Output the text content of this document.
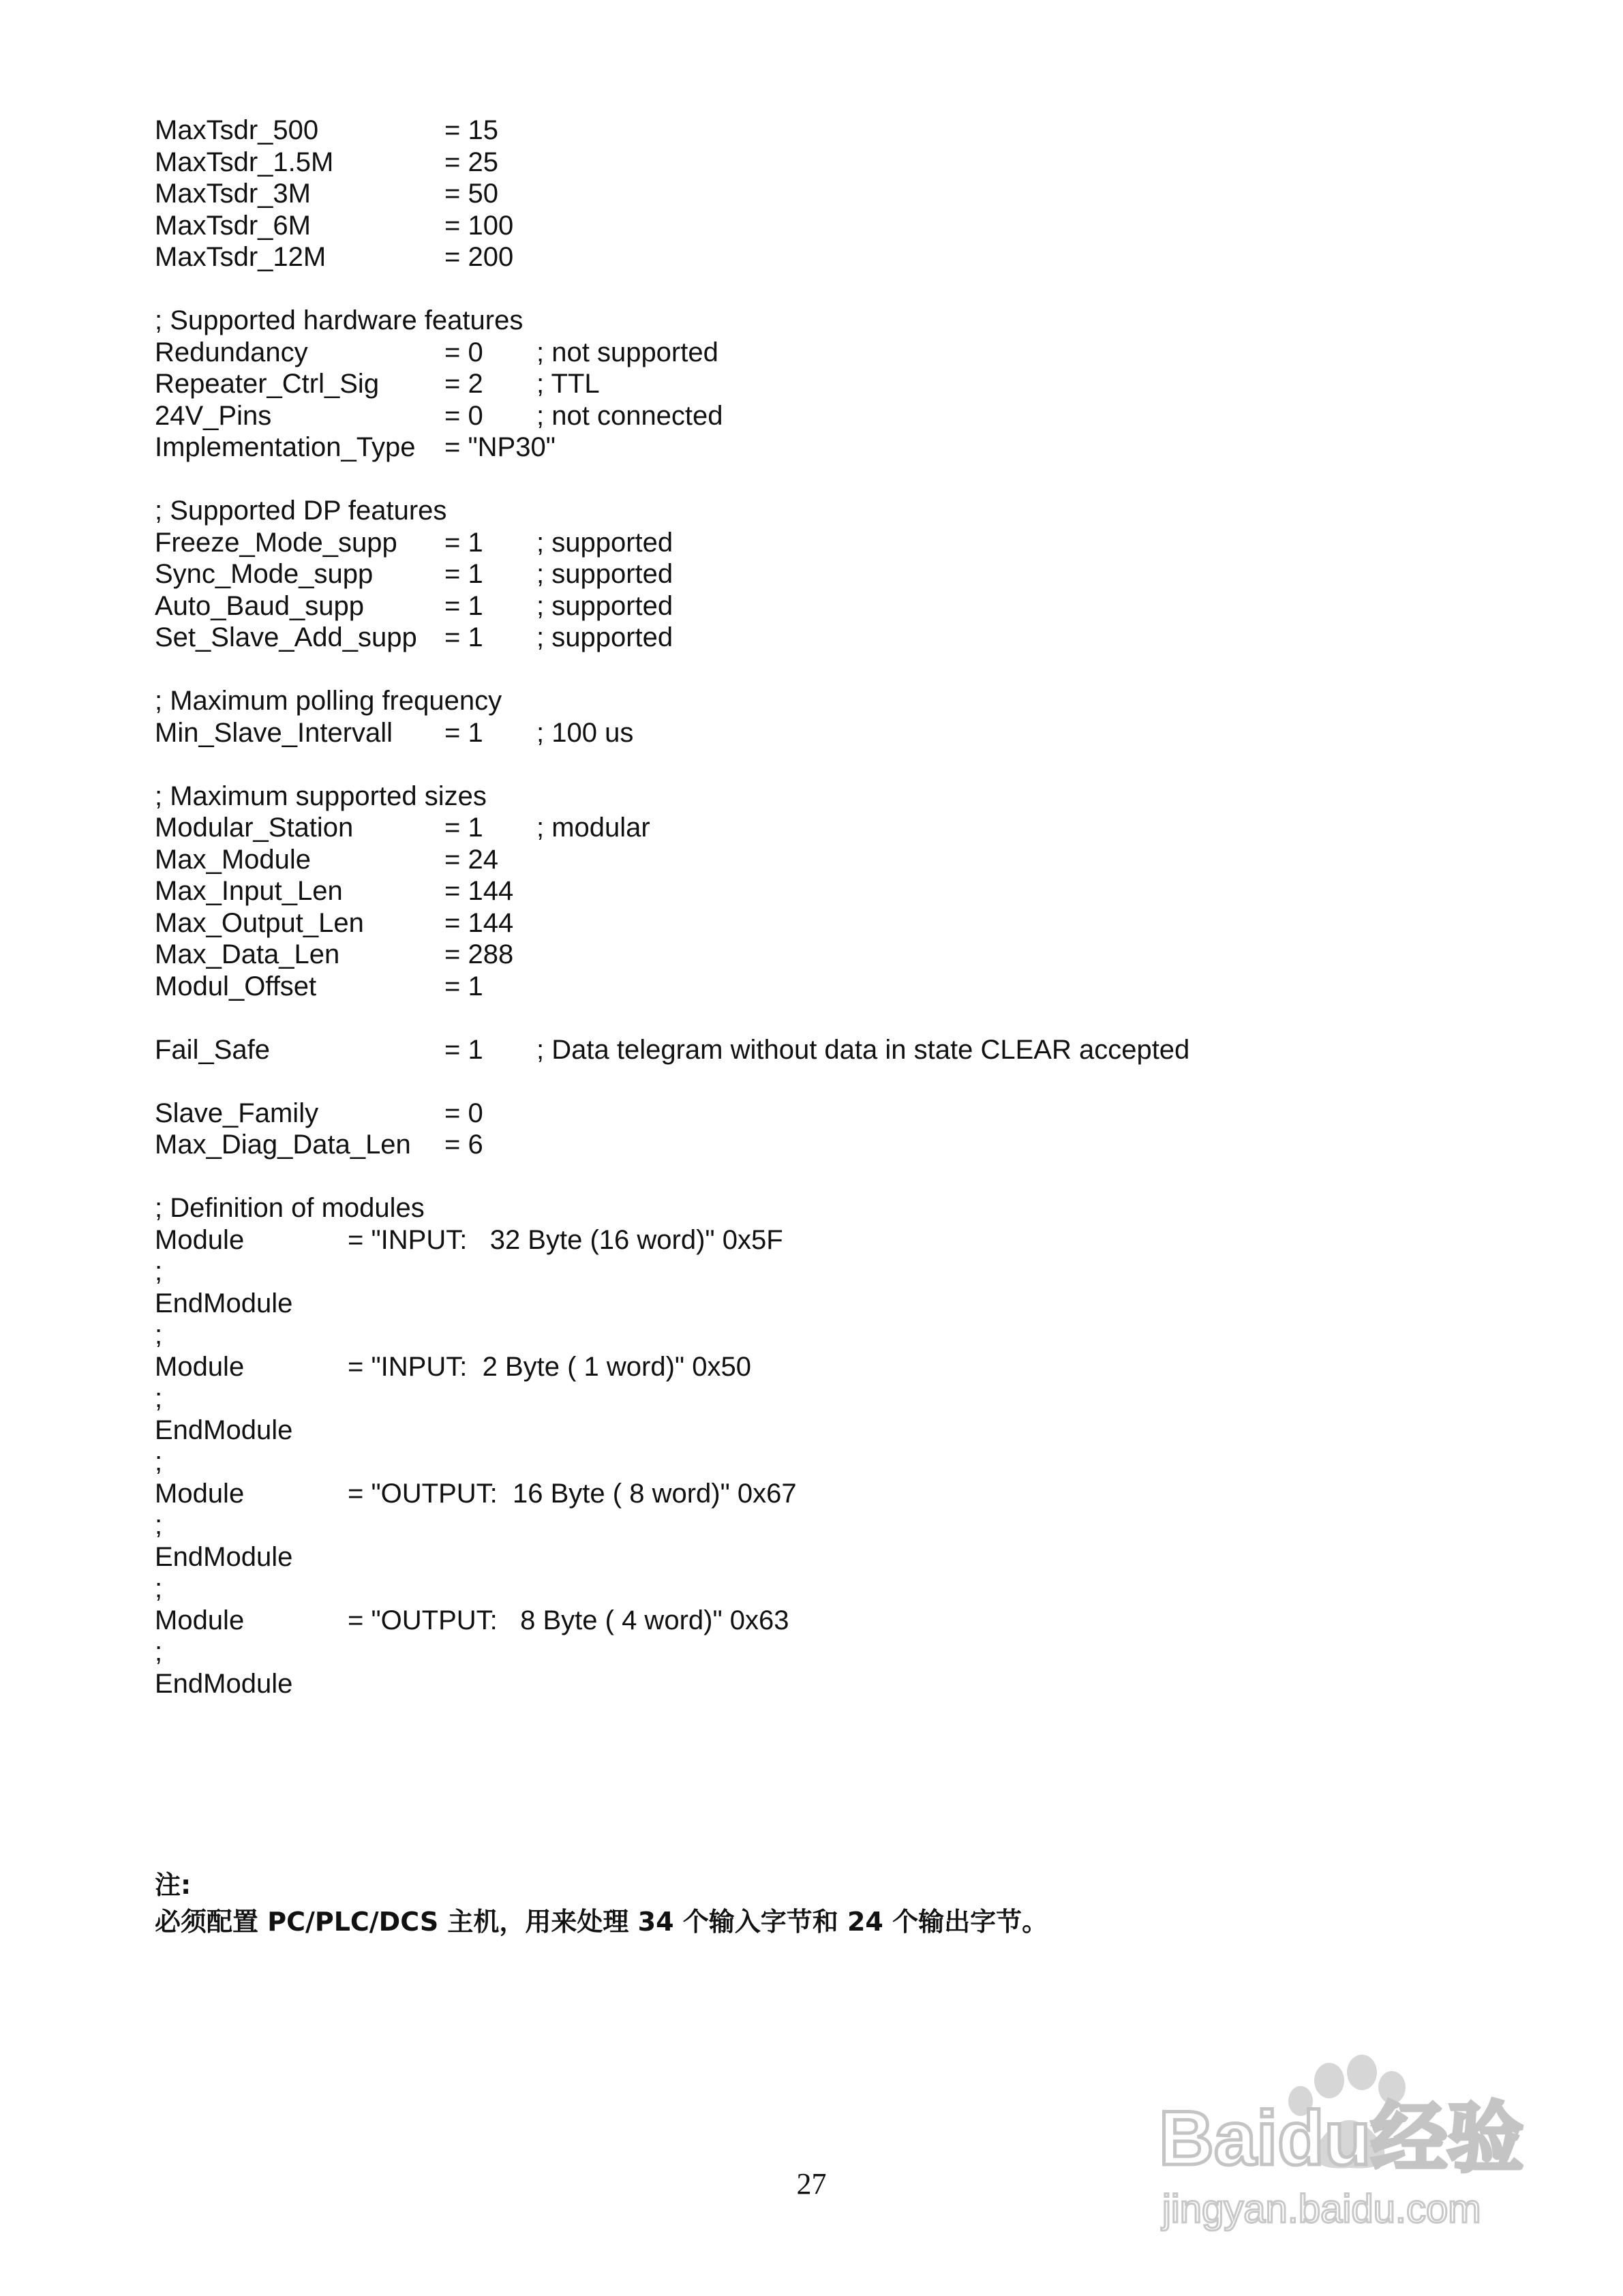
MaxTsdr_500	= 15
MaxTsdr_1.5M	= 25
MaxTsdr_3M	= 50
MaxTsdr_6M	= 100
MaxTsdr_12M	= 200
; Supported hardware features
Redundancy	= 0 ; not supported
Repeater_Ctrl_Sig = 2 ; TTL
24V_Pins	= 0 ; not connected
Implementation_Type = "NP30"
; Supported DP features
Freeze_Mode_supp = 1 ; supported
Sync_Mode_supp	= 1 ; supported
Auto_Baud_supp	= 1 ; supported
Set_Slave_Add_supp = 1 ; supported
; Maximum polling frequency
Min_Slave_Intervall = 1 ; 100 us
; Maximum supported sizes
Modular_Station	= 1 ; modular
Max_Module	= 24
Max_Input_Len	= 144
Max_Output_Len	= 144
Max_Data_Len	= 288
Modul_Offset	= 1
Fail_Safe	= 1 ; Data telegram without data in state CLEAR accepted
Slave_Family	= 0
Max_Diag_Data_Len = 6
; Definition of modules
Module	= "INPUT:   32 Byte (16 word)" 0x5F
;
EndModule
;
Module	= "INPUT:  2 Byte ( 1 word)" 0x50
;
EndModule
;
Module	= "OUTPUT:  16 Byte ( 8 word)" 0x67
;
EndModule
;
Module	= "OUTPUT:   8 Byte ( 4 word)" 0x63
;
EndModule
注:
必须配置 PC/PLC/DCS 主机，用来处理 34 个输入字节和 24 个输出字节。
27
Baidu经验
jingyan.baidu.com
